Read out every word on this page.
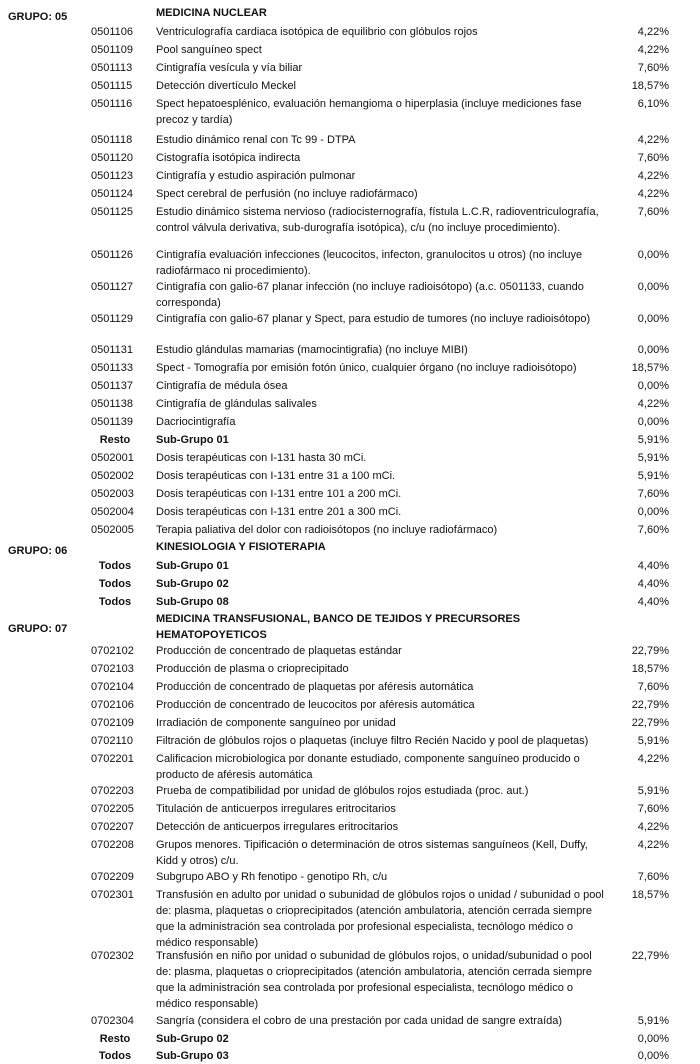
GRUPO: 05	MEDICINA NUCLEAR
0501106	Ventriculografía cardiaca isotópica de equilibrio con glóbulos rojos	4,22%
0501109	Pool sanguíneo spect	4,22%
0501113	Cintigrafía vesícula y vía biliar	7,60%
0501115	Detección divertículo Meckel	18,57%
0501116	Spect hepatoesplénico, evaluación hemangioma o hiperplasia (incluye mediciones fase precoz y tardía)
6,10%
0501118	Estudio dinámico renal con Tc 99 - DTPA	4,22%
0501120	Cistografía isotópica indirecta	7,60%
0501123	Cintigrafía y estudio aspiración pulmonar	4,22%
0501124	Spect cerebral de perfusión (no incluye radiofármaco)	4,22%
0501125	Estudio dinámico sistema nervioso (radiocisternografía, fístula L.C.R, radioventriculografía, control válvula derivativa, sub-durografía isotópica), c/u (no incluye procedimiento).
7,60%
0501126	Cintigrafía evaluación infecciones (leucocitos, infecton, granulocitos u otros) (no incluye radiofármaco ni procedimiento).
0,00%
0501127	Cintigrafía con galio-67 planar infección (no incluye radioisótopo) (a.c. 0501133, cuando corresponda)
0,00%
0501129	Cintigrafía con galio-67 planar y Spect, para estudio de tumores (no incluye radioisótopo)	0,00%
0501131	Estudio glándulas mamarias (mamocintigrafia) (no incluye MIBI)	0,00%
0501133	Spect - Tomografía por emisión fotón único, cualquier órgano (no incluye radioisótopo)	18,57%
0501137	Cintigrafía de médula ósea	0,00%
0501138	Cintigrafía de glándulas salivales	4,22%
0501139	Dacriocintigrafía	0,00%
Resto	Sub-Grupo 01	5,91%
0502001	Dosis terapéuticas con I-131 hasta 30 mCi.	5,91%
0502002	Dosis terapéuticas con I-131 entre 31 a 100 mCi.	5,91%
0502003	Dosis terapéuticas con I-131 entre 101 a 200 mCi.	7,60%
0502004	Dosis terapéuticas con I-131 entre 201 a 300 mCi.	0,00%
0502005	Terapia paliativa del dolor con radioisótopos (no incluye radiofármaco)	7,60%
GRUPO: 06	KINESIOLOGIA Y FISIOTERAPIA
Todos	Sub-Grupo 01	4,40%
Todos	Sub-Grupo 02	4,40%
Todos	Sub-Grupo 08	4,40%
GRUPO: 07
MEDICINA TRANSFUSIONAL, BANCO DE TEJIDOS Y PRECURSORES HEMATOPOYETICOS
0702102	Producción de concentrado de plaquetas estándar	22,79%
0702103	Producción de plasma o crioprecipitado	18,57%
0702104	Producción de concentrado de plaquetas por aféresis automática	7,60%
0702106	Producción de concentrado de leucocitos por aféresis automática	22,79%
0702109	Irradiación de componente sanguíneo por unidad	22,79%
0702110	Filtración de glóbulos rojos o plaquetas (incluye filtro Recién Nacido y pool de plaquetas)	5,91%
0702201	Calificacion microbiologica por donante estudiado, componente sanguíneo producido o producto de aféresis automática
4,22%
0702203	Prueba de compatibilidad por unidad de glóbulos rojos estudiada (proc. aut.)	5,91%
0702205	Titulación de anticuerpos irregulares eritrocitarios	7,60%
0702207	Detección de anticuerpos irregulares eritrocitarios	4,22%
0702208	Grupos menores. Tipificación o determinación de otros sistemas sanguíneos (Kell, Duffy, Kidd y otros) c/u.
4,22%
0702209	Subgrupo ABO y Rh fenotipo - genotipo Rh, c/u	7,60%
0702301	Transfusión en adulto por unidad o subunidad de glóbulos rojos o unidad / subunidad o pool de: plasma, plaquetas o crioprecipitados (atención ambulatoria, atención cerrada siempre que la administración sea controlada por profesional especialista, tecnólogo médico o médico responsable)
18,57%
0702302	Transfusión en niño por unidad o subunidad de glóbulos rojos, o unidad/subunidad o pool de: plasma, plaquetas o crioprecipitados (atención ambulatoria, atención cerrada siempre que la administración sea controlada por profesional especialista, tecnólogo médico o médico responsable)
22,79%
0702304	Sangría (considera el cobro de una prestación por cada unidad de sangre extraída)	5,91%
Resto	Sub-Grupo 02	0,00%
Todos	Sub-Grupo 03	0,00%
